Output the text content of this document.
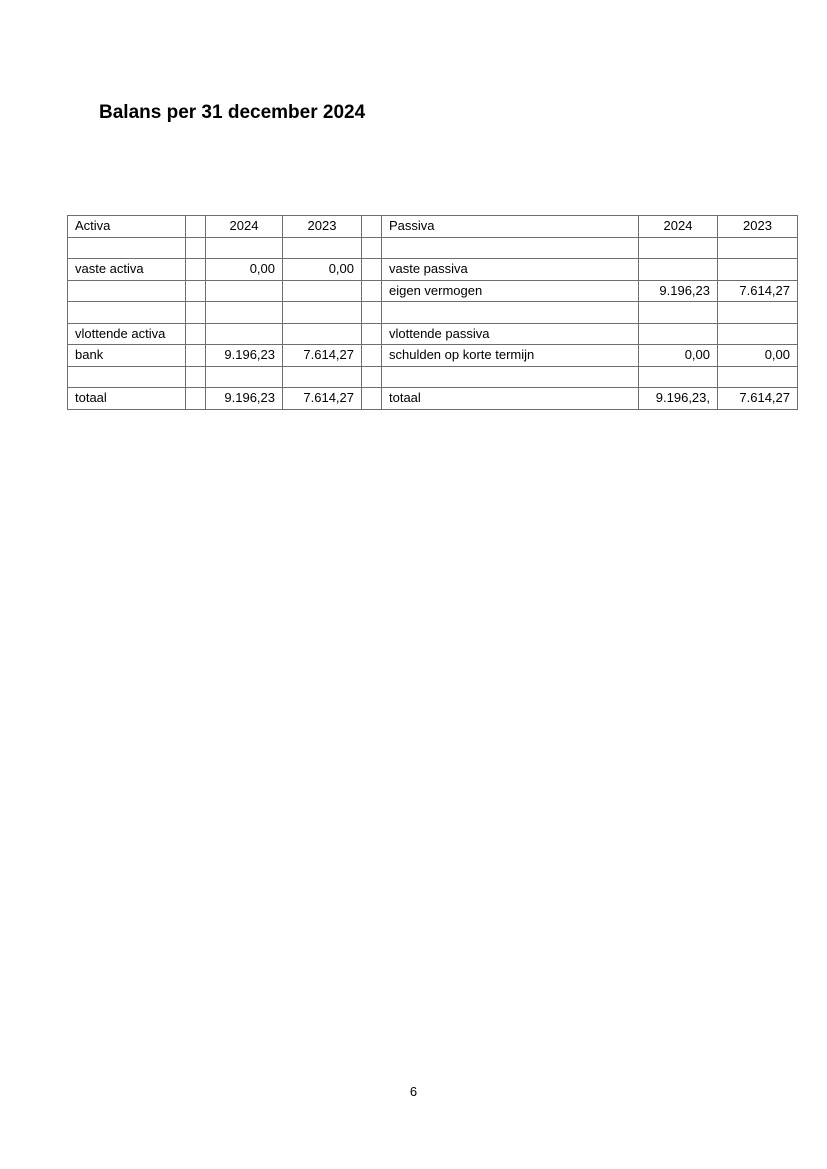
Balans per 31 december 2024
Activa		2024	2023		Passiva	2024	2023

vaste activa		0,00	0,00		vaste passiva		
					eigen vermogen	9.196,23	7.614,27

vlottende activa					vlottende passiva		
bank		9.196,23	7.614,27		schulden op korte termijn	0,00	0,00

totaal		9.196,23	7.614,27		totaal	9.196,23,	7.614,27
6
